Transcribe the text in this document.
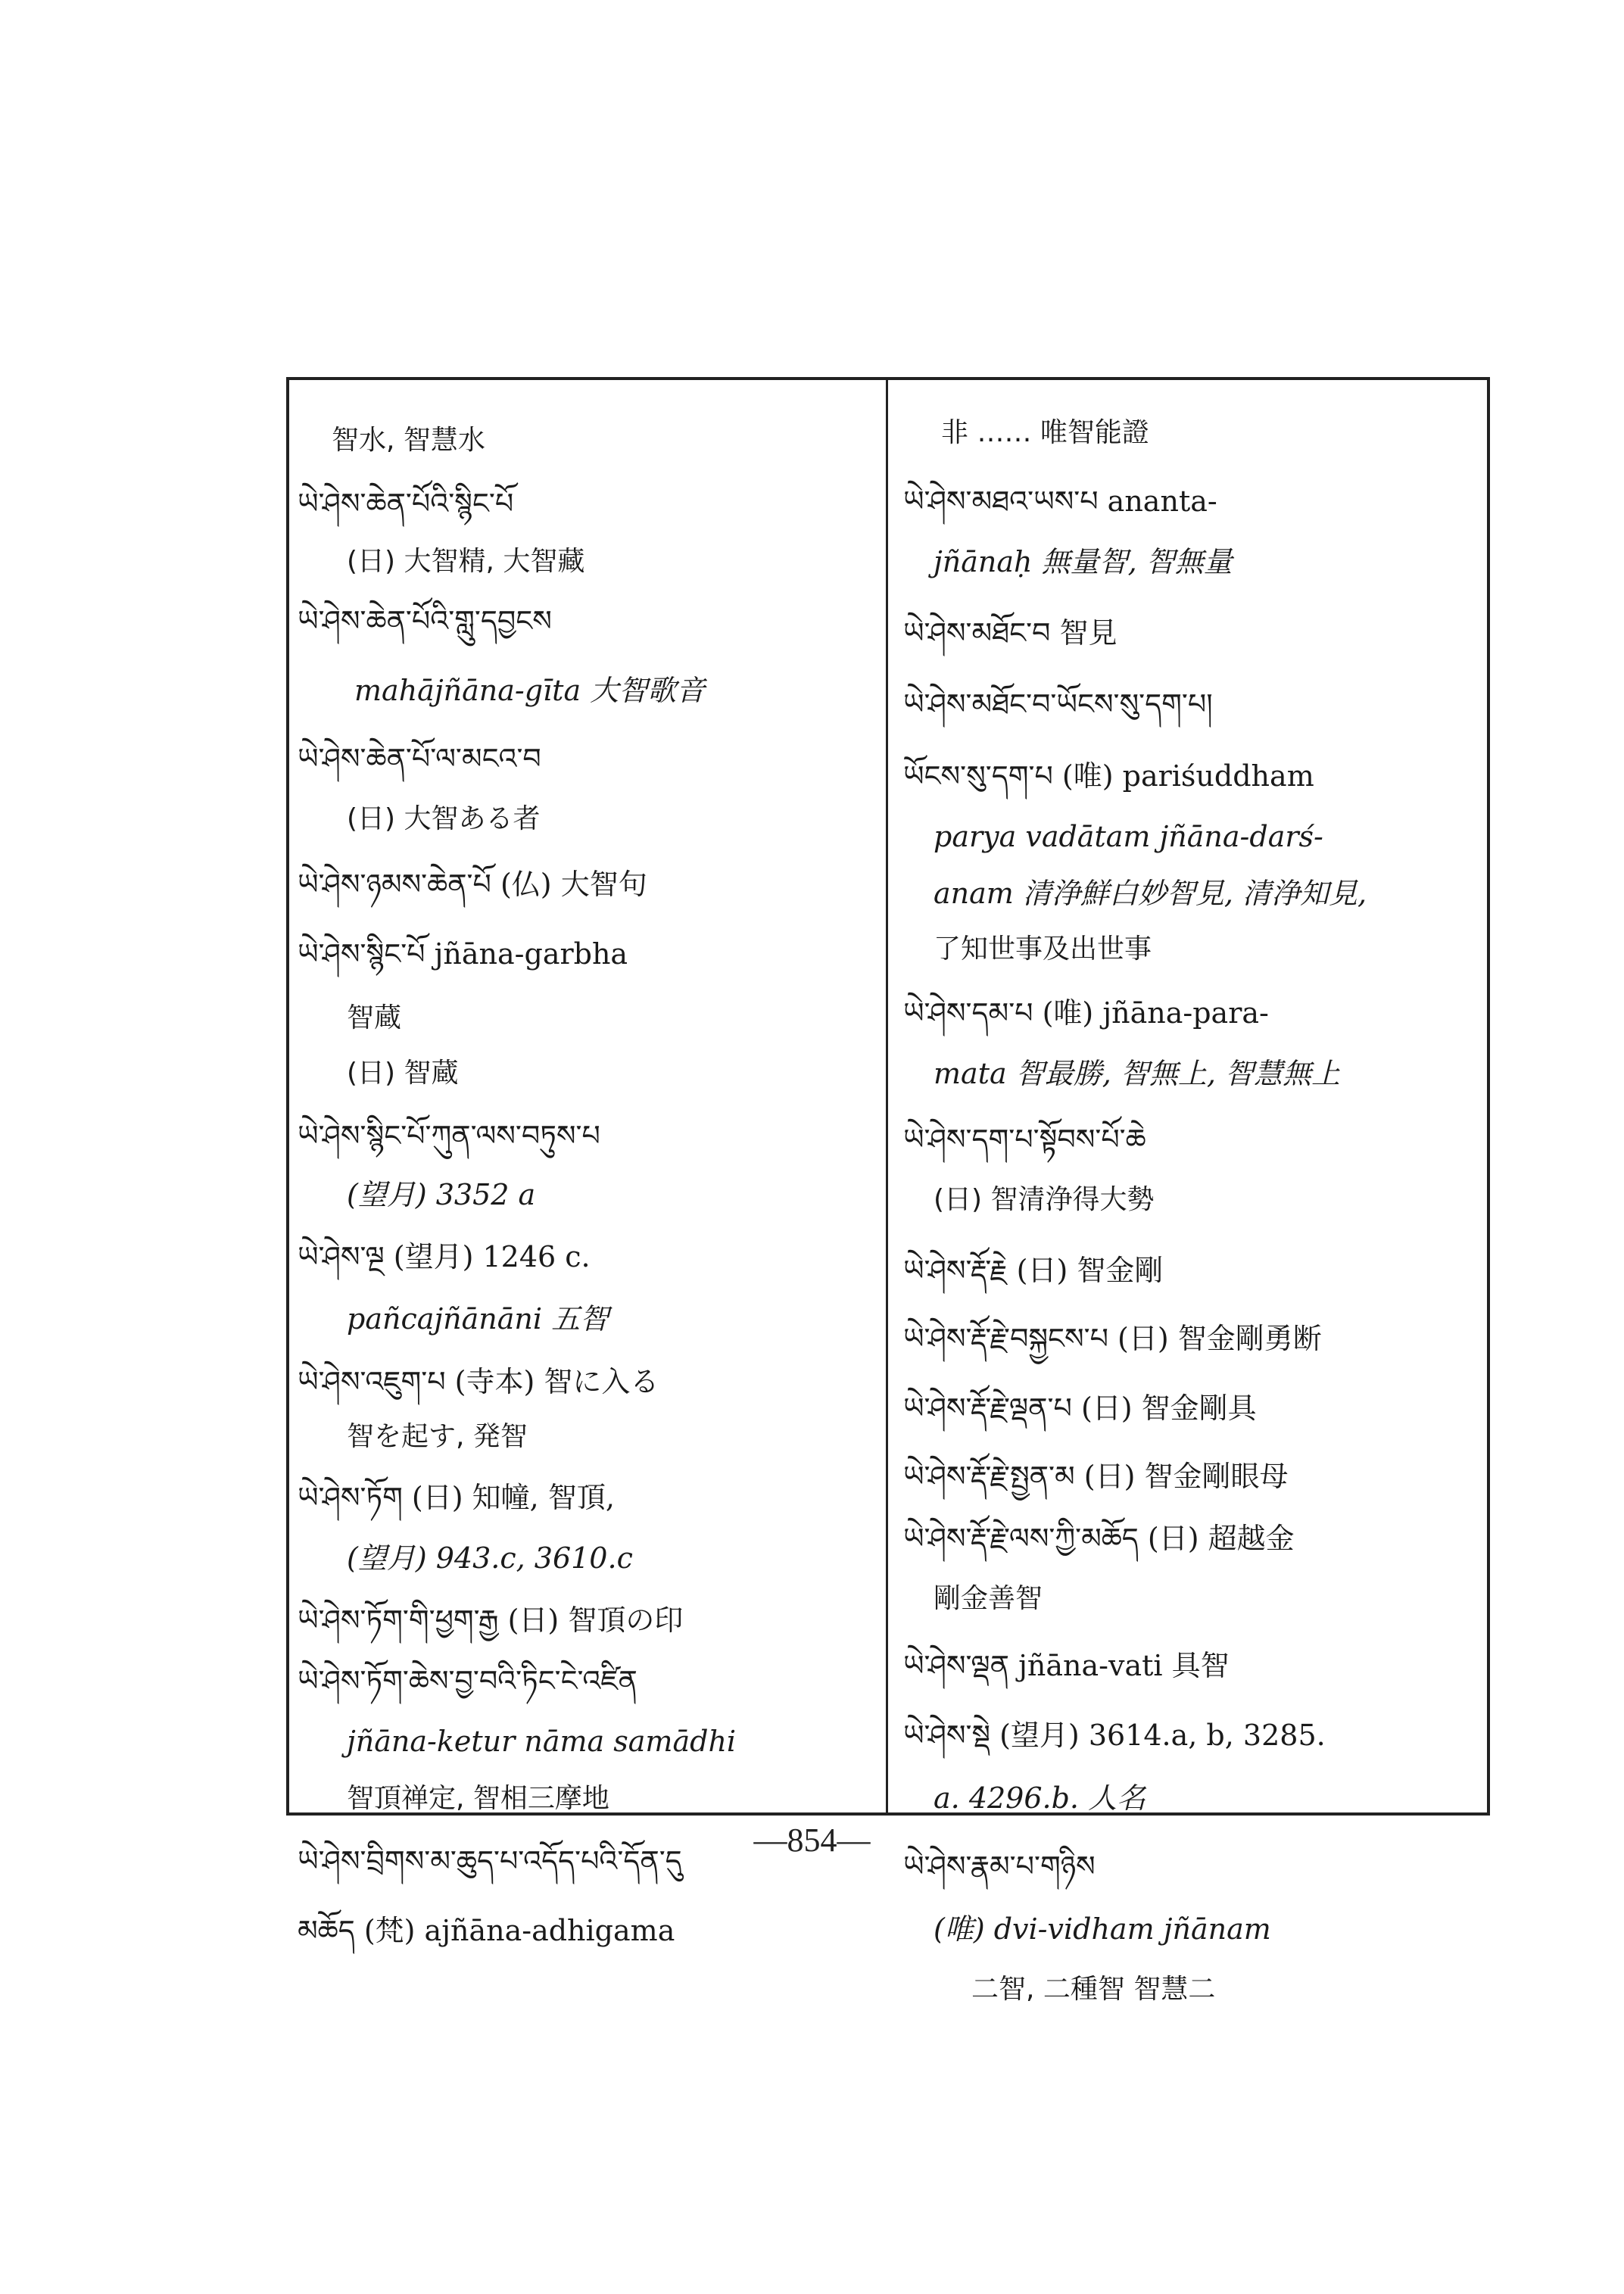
智水, 智慧水
ཡེ་ཤེས་ཆེན་པོའི་སྙིང་པོ
(日) 大智精, 大智藏
ཡེ་ཤེས་ཆེན་པོའི་གླུ་དབྱངས
mahājñāna-gīta 大智歌音
ཡེ་ཤེས་ཆེན་པོ་ལ་མངའ་བ
(日) 大智ある者
ཡེ་ཤེས་ཉམས་ཆེན་པོ (仏) 大智句
ཡེ་ཤེས་སྙིང་པོ jñāna-garbha
智蔵
(日) 智蔵
ཡེ་ཤེས་སྙིང་པོ་ཀུན་ལས་བཏུས་པ
(望月) 3352 a
ཡེ་ཤེས་ལྔ (望月) 1246 c.
pañcajñānāni 五智
ཡེ་ཤེས་འཇུག་པ (寺本) 智に入る
智を起す, 発智
ཡེ་ཤེས་ཏོག (日) 知幢, 智頂,
(望月) 943.c, 3610.c
ཡེ་ཤེས་ཏོག་གི་ཕྱག་རྒྱ (日) 智頂の印
ཡེ་ཤེས་ཏོག་ཆེས་བྱ་བའི་ཏིང་ངེ་འཛིན
jñāna-ketur nāma samādhi
智頂禅定, 智相三摩地
ཡེ་ཤེས་བྲིགས་མ་ཆུད་པ་འདོད་པའི་དོན་དུ
མཆོད (梵) ajñāna-adhigama
非 …… 唯智能證
ཡེ་ཤེས་མཐའ་ཡས་པ ananta-
jñānaḥ 無量智, 智無量
ཡེ་ཤེས་མཐོང་བ 智見
ཡེ་ཤེས་མཐོང་བ་ཡོངས་སུ་དག་པ།
ཡོངས་སུ་དག་པ (唯) pariśuddham
parya vadātam jñāna-darś-
anam 清浄鮮白妙智見, 清浄知見,
了知世事及出世事
ཡེ་ཤེས་དམ་པ (唯) jñāna-para-
mata 智最勝, 智無上, 智慧無上
ཡེ་ཤེས་དག་པ་སྟོབས་པོ་ཆེ
(日) 智清浄得大勢
ཡེ་ཤེས་རྡོ་རྗེ (日) 智金剛
ཡེ་ཤེས་རྡོ་རྗེ་བསྐྱངས་པ (日) 智金剛勇断
ཡེ་ཤེས་རྡོ་རྗེ་ལྡན་པ (日) 智金剛具
ཡེ་ཤེས་རྡོ་རྗེ་སྤྱན་མ (日) 智金剛眼母
ཡེ་ཤེས་རྡོ་རྗེ་ལས་ཀྱི་མཆོད (日) 超越金
剛金善智
ཡེ་ཤེས་ལྡན jñāna-vati 具智
ཡེ་ཤེས་སྡེ (望月) 3614.a, b, 3285.
a. 4296.b. 人名
ཡེ་ཤེས་རྣམ་པ་གཉིས
(唯) dvi-vidham jñānam
二智, 二種智 智慧二
—854—
